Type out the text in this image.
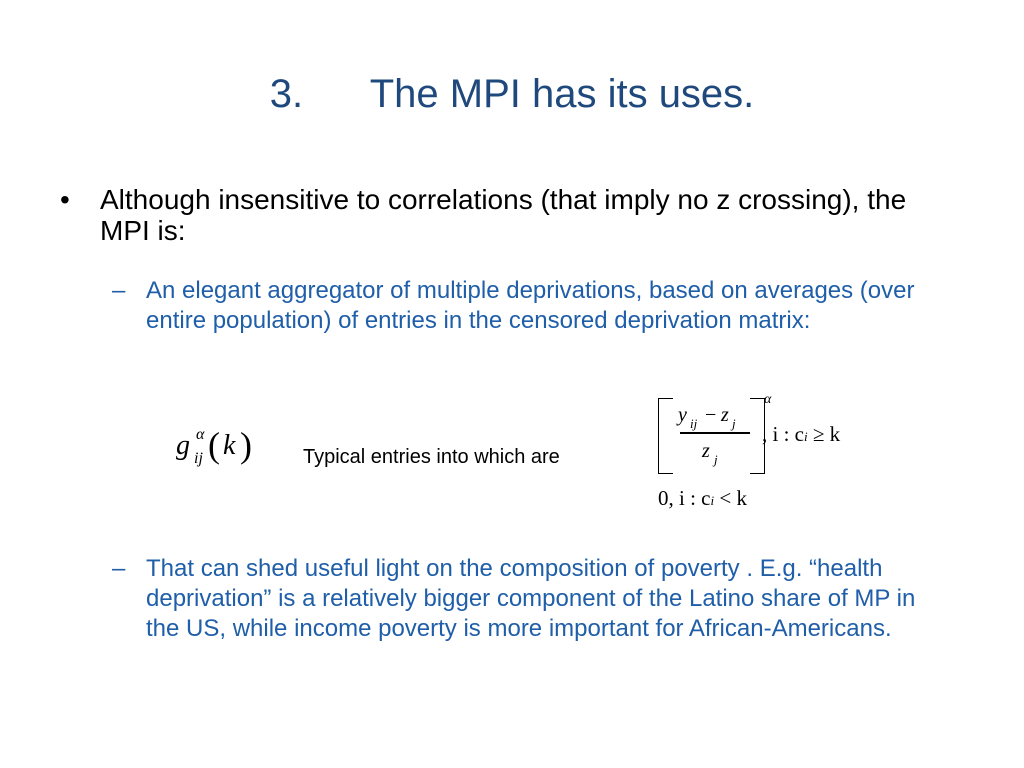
3. The MPI has its uses.
•	Although insensitive to correlations (that imply no z crossing), the MPI is:
– An elegant aggregator of multiple deprivations, based on averages (over entire population) of entries in the censored deprivation matrix:
g α
ij ( k )	Typical entries into which are
y ij − z j
z j
α
, i : ci ≥ k
0, i : ci < k
– That can shed useful light on the composition of poverty . E.g. “health deprivation” is a relatively bigger component of the Latino share of MP in the US, while income poverty is more important for African-Americans.
